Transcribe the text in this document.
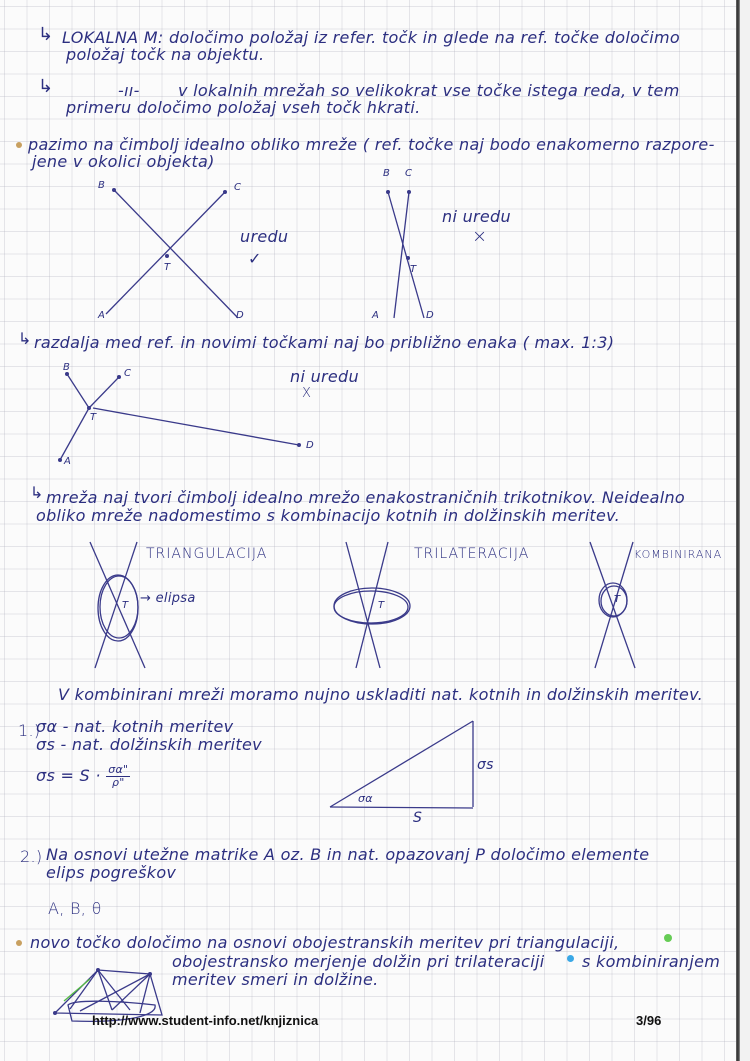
↳ LOKALNA M: določimo položaj iz refer. točk in glede na ref. točke določimo
položaj točk na objektu.
↳	-ıı- v lokalnih mrežah so velikokrat vse točke istega reda, v tem
primeru določimo položaj vseh točk hkrati.
pazimo na čimbolj idealno obliko mreže ( ref. točke naj bodo enakomerno razpore-
jene v okolici objekta)
B	C
T
A	D
uredu
✓
B C
T
A	D
ni uredu
×
↳ razdalja med ref. in novimi točkami naj bo približno enaka ( max. 1:3)
B
C
T
A
D
ni uredu
X
↳ mreža naj tvori čimbolj idealno mrežo enakostraničnih trikotnikov. Neidealno
obliko mreže nadomestimo s kombinacijo kotnih in dolžinskih meritev.
TRIANGULACIJA
T → elipsa
TRILATERACIJA
T
KOMBINIRANA
T
V kombinirani mreži moramo nujno uskladiti nat. kotnih in dolžinskih meritev.
1.)
σα - nat. kotnih meritev
σs - nat. dolžinskih meritev
$\sigma s = S \cdot \frac{\sigma\alpha"}{\rho"}$	σs
S
σα
2.) Na osnovi utežne matrike A oz. B in nat. opazovanj P določimo elemente
elips pogreškov
A, B, θ
novo točko določimo na osnovi obojestranskih meritev pri triangulaciji,
obojestransko merjenje dolžin pri trilateraciji s kombiniranjem
meritev smeri in dolžine.
http://www.student-info.net/knjiznica	3/96
